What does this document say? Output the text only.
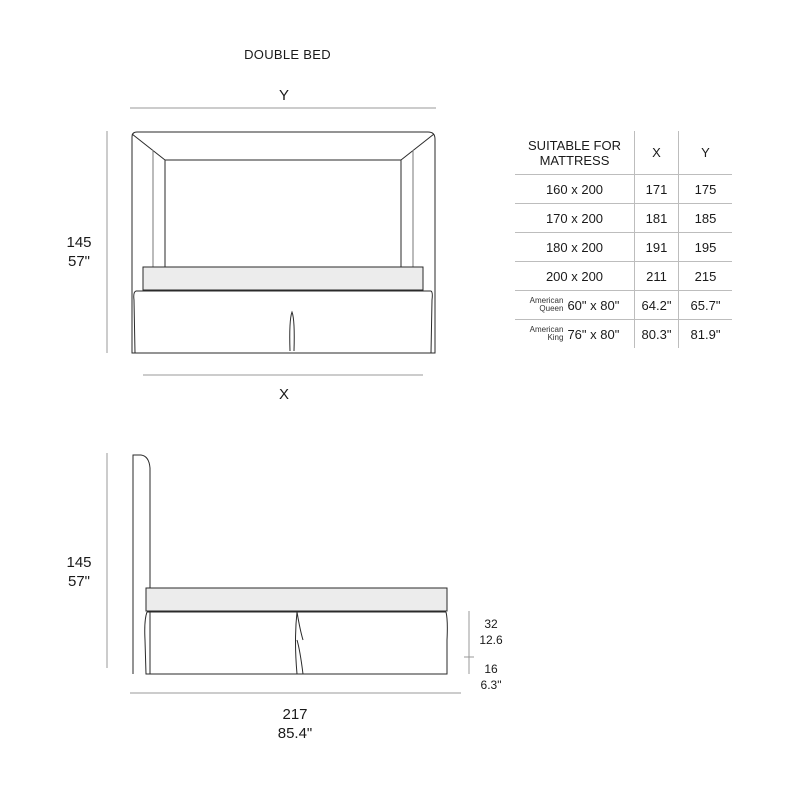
DOUBLE BED
Y
X
145
57"
145
57"
217
85.4"
32
12.6
16
6.3"
SUITABLE FOR
MATTRESS	X	Y
160 x 200	171	175
170 x 200	181	185
180 x 200	191	195
200 x 200	211	215
American
Queen 60" x 80"	64.2"	65.7"
American
King 76" x 80"	80.3"	81.9"
